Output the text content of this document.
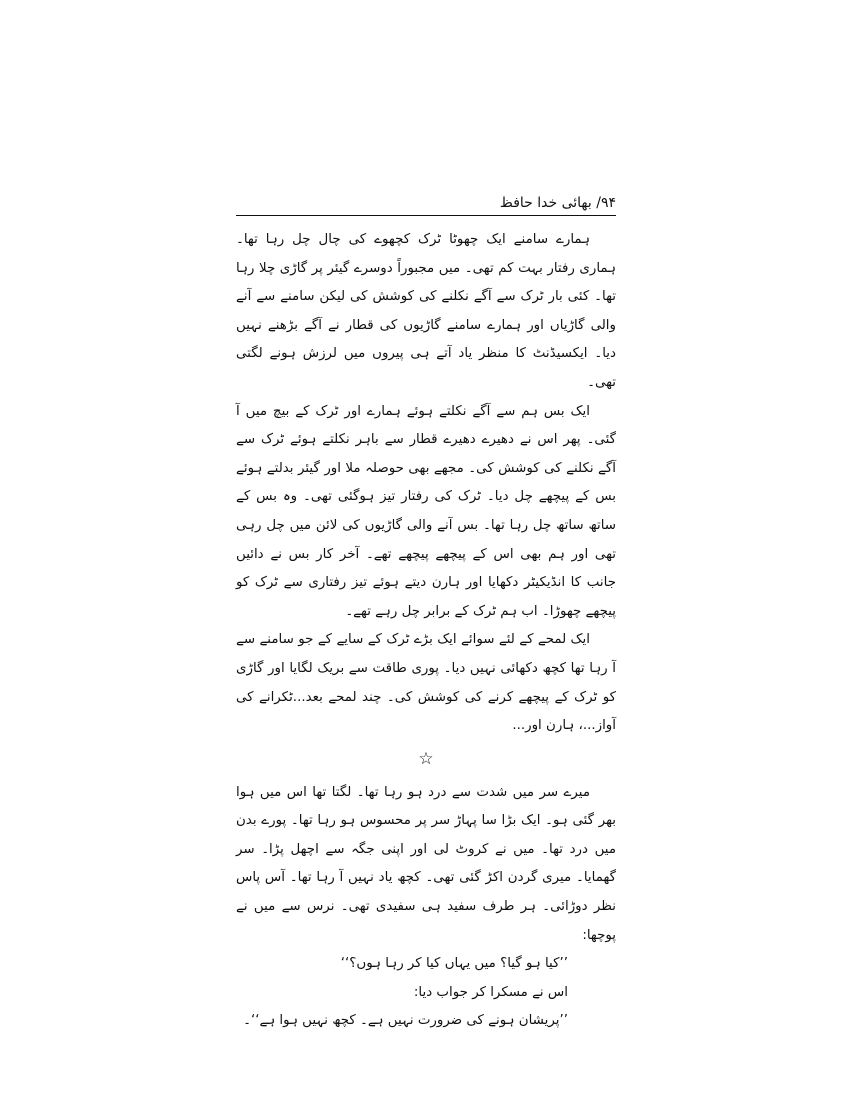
۹۴/ بھائی خدا حافظ

ہمارے سامنے ایک چھوٹا ٹرک کچھوے کی چال چل رہا تھا۔ ہماری رفتار بہت کم تھی۔ میں مجبوراً دوسرے گیئر پر گاڑی چلا رہا تھا۔ کئی بار ٹرک سے آگے نکلنے کی کوشش کی لیکن سامنے سے آنے والی گاڑیاں اور ہمارے سامنے گاڑیوں کی قطار نے آگے بڑھنے نہیں دیا۔ ایکسیڈنٹ کا منظر یاد آتے ہی پیروں میں لرزش ہونے لگتی تھی۔

ایک بس ہم سے آگے نکلتے ہوئے ہمارے اور ٹرک کے بیچ میں آ گئی۔ پھر اس نے دھیرے دھیرے قطار سے باہر نکلتے ہوئے ٹرک سے آگے نکلنے کی کوشش کی۔ مجھے بھی حوصلہ ملا اور گیئر بدلتے ہوئے بس کے پیچھے چل دیا۔ ٹرک کی رفتار تیز ہوگئی تھی۔ وہ بس کے ساتھ ساتھ چل رہا تھا۔ بس آنے والی گاڑیوں کی لائن میں چل رہی تھی اور ہم بھی اس کے پیچھے پیچھے تھے۔ آخر کار بس نے دائیں جانب کا انڈیکیٹر دکھایا اور ہارن دیتے ہوئے تیز رفتاری سے ٹرک کو پیچھے چھوڑا۔ اب ہم ٹرک کے برابر چل رہے تھے۔

ایک لمحے کے لئے سوائے ایک بڑے ٹرک کے سایے کے جو سامنے سے آ رہا تھا کچھ دکھائی نہیں دیا۔ پوری طاقت سے بریک لگایا اور گاڑی کو ٹرک کے پیچھے کرنے کی کوشش کی۔ چند لمحے بعد...ٹکرانے کی آواز...، ہارن اور...

☆

میرے سر میں شدت سے درد ہو رہا تھا۔ لگتا تھا اس میں ہوا بھر گئی ہو۔ ایک بڑا سا پہاڑ سر پر محسوس ہو رہا تھا۔ پورے بدن میں درد تھا۔ میں نے کروٹ لی اور اپنی جگہ سے اچھل پڑا۔ سر گھمایا۔ میری گردن اکڑ گئی تھی۔ کچھ یاد نہیں آ رہا تھا۔ آس پاس نظر دوڑائی۔ ہر طرف سفید ہی سفیدی تھی۔ نرس سے میں نے پوچھا:

’’کیا ہو گیا؟ میں یہاں کیا کر رہا ہوں؟‘‘

اس نے مسکرا کر جواب دیا:

’’پریشان ہونے کی ضرورت نہیں ہے۔ کچھ نہیں ہوا ہے‘‘۔
